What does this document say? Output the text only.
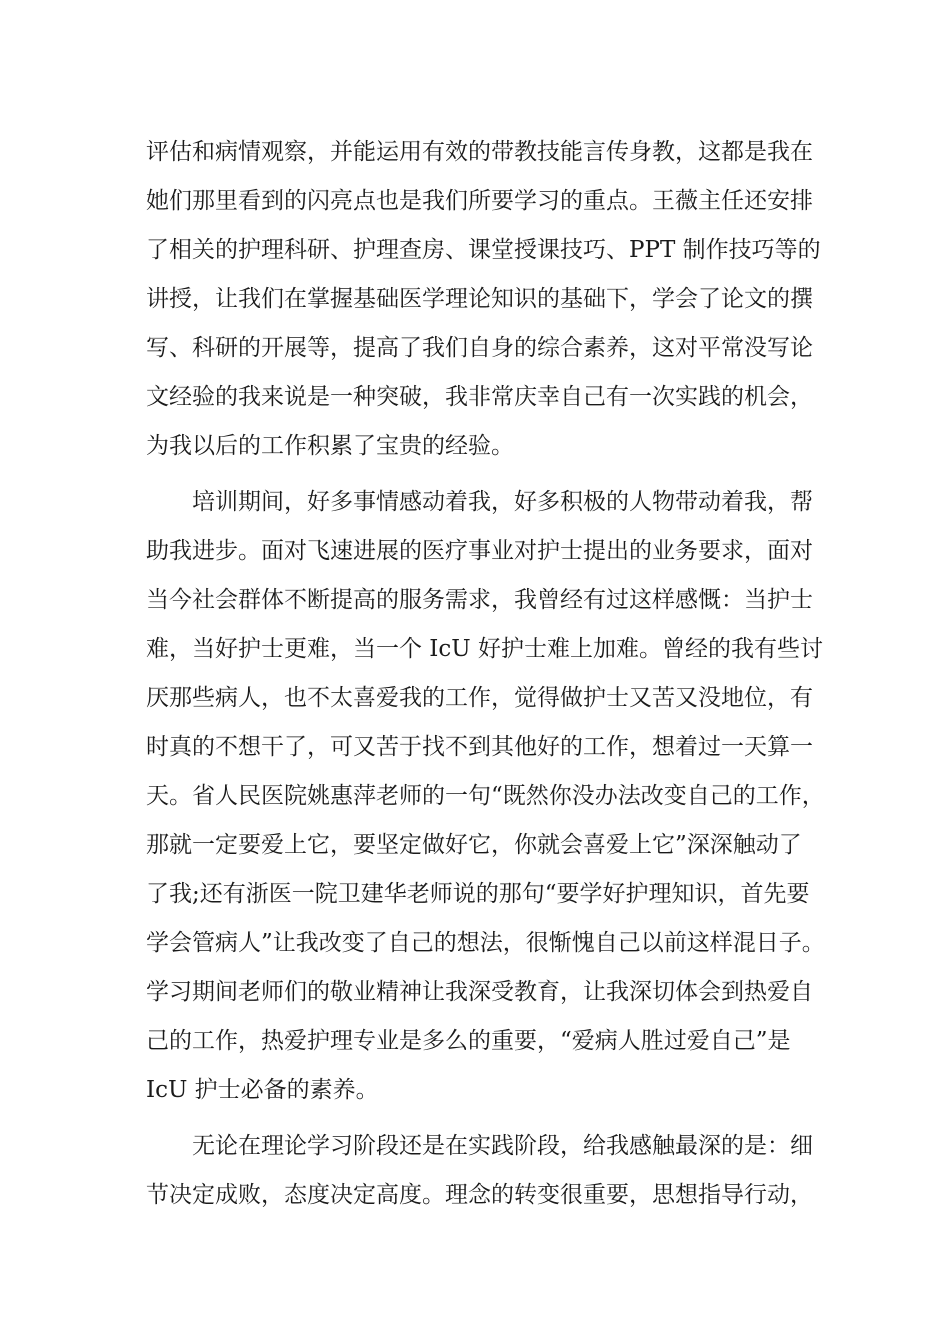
评估和病情观察，并能运用有效的带教技能言传身教，这都是我在
她们那里看到的闪亮点也是我们所要学习的重点。王薇主任还安排
了相关的护理科研、护理查房、课堂授课技巧、PPT 制作技巧等的
讲授，让我们在掌握基础医学理论知识的基础下，学会了论文的撰
写、科研的开展等，提高了我们自身的综合素养，这对平常没写论
文经验的我来说是一种突破，我非常庆幸自己有一次实践的机会，
为我以后的工作积累了宝贵的经验。
　　培训期间，好多事情感动着我，好多积极的人物带动着我，帮
助我进步。面对飞速进展的医疗事业对护士提出的业务要求，面对
当今社会群体不断提高的服务需求，我曾经有过这样感慨：当护士
难，当好护士更难，当一个 IcU 好护士难上加难。曾经的我有些讨
厌那些病人，也不太喜爱我的工作，觉得做护士又苦又没地位，有
时真的不想干了，可又苦于找不到其他好的工作，想着过一天算一
天。省人民医院姚惠萍老师的一句“既然你没办法改变自己的工作，
那就一定要爱上它，要坚定做好它，你就会喜爱上它”深深触动了
了我;还有浙医一院卫建华老师说的那句“要学好护理知识，首先要
学会管病人”让我改变了自己的想法，很惭愧自己以前这样混日子。
学习期间老师们的敬业精神让我深受教育，让我深切体会到热爱自
己的工作，热爱护理专业是多么的重要，“爱病人胜过爱自己”是
IcU 护士必备的素养。
　　无论在理论学习阶段还是在实践阶段，给我感触最深的是：细
节决定成败，态度决定高度。理念的转变很重要，思想指导行动，
